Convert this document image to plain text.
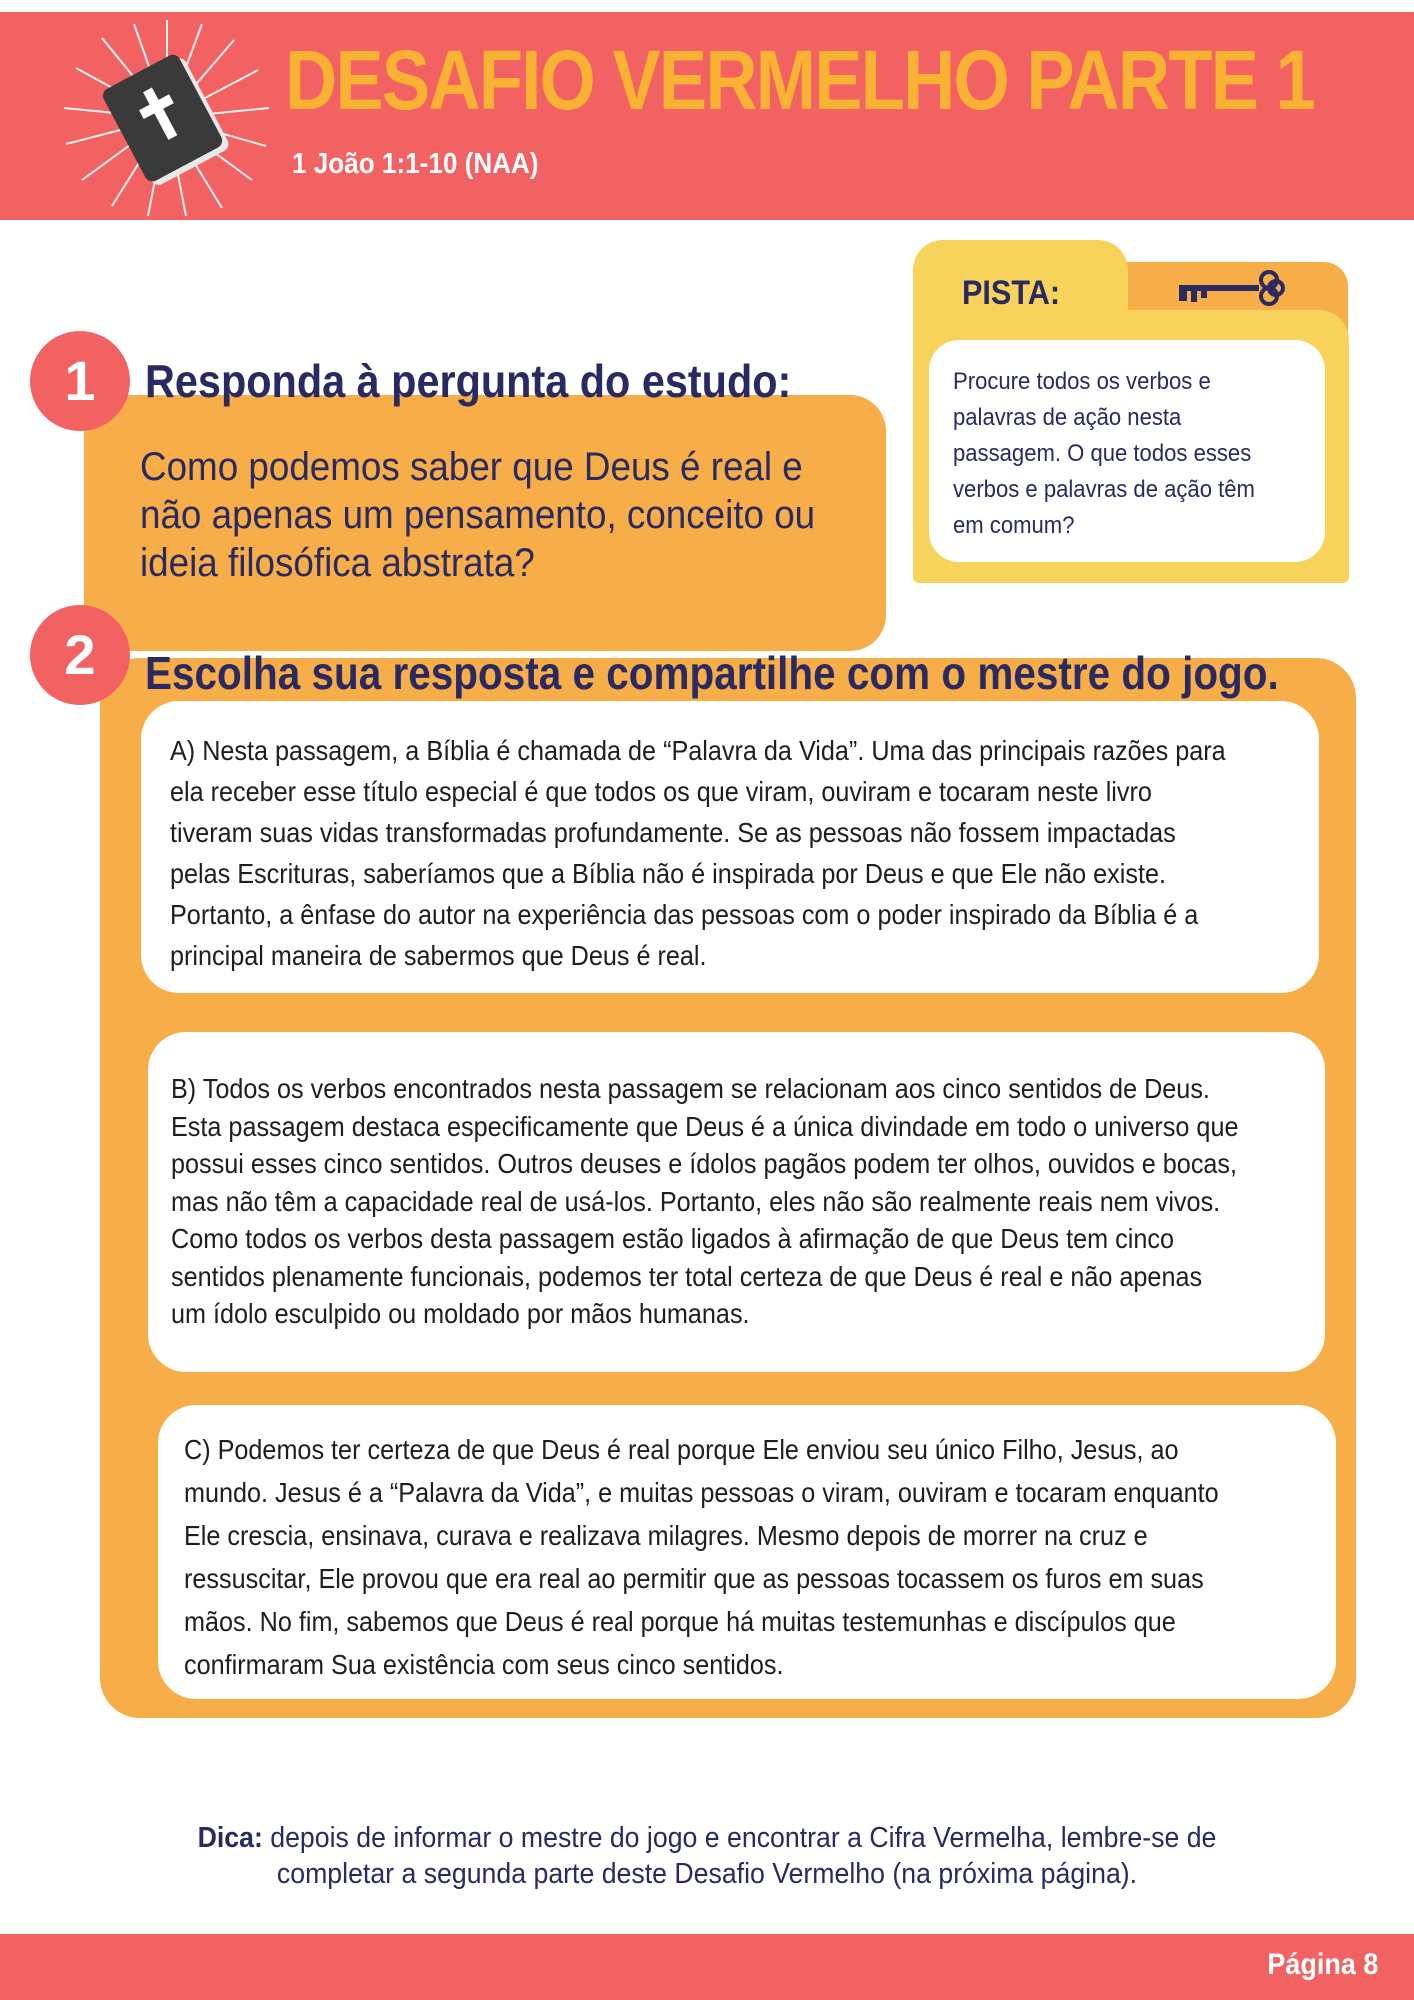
DESAFIO VERMELHO PARTE 1
1 João 1:1-10 (NAA)
PISTA:
Procure todos os verbos e palavras de ação nesta passagem. O que todos esses verbos e palavras de ação têm em comum?
1	Responda à pergunta do estudo:
Como podemos saber que Deus é real e não apenas um pensamento, conceito ou ideia filosófica abstrata?
2	Escolha sua resposta e compartilhe com o mestre do jogo.
A) Nesta passagem, a Bíblia é chamada de “Palavra da Vida”. Uma das principais razões para ela receber esse título especial é que todos os que viram, ouviram e tocaram neste livro tiveram suas vidas transformadas profundamente. Se as pessoas não fossem impactadas pelas Escrituras, saberíamos que a Bíblia não é inspirada por Deus e que Ele não existe. Portanto, a ênfase do autor na experiência das pessoas com o poder inspirado da Bíblia é a principal maneira de sabermos que Deus é real.
B) Todos os verbos encontrados nesta passagem se relacionam aos cinco sentidos de Deus. Esta passagem destaca especificamente que Deus é a única divindade em todo o universo que possui esses cinco sentidos. Outros deuses e ídolos pagãos podem ter olhos, ouvidos e bocas, mas não têm a capacidade real de usá-los. Portanto, eles não são realmente reais nem vivos. Como todos os verbos desta passagem estão ligados à afirmação de que Deus tem cinco sentidos plenamente funcionais, podemos ter total certeza de que Deus é real e não apenas um ídolo esculpido ou moldado por mãos humanas.
C) Podemos ter certeza de que Deus é real porque Ele enviou seu único Filho, Jesus, ao mundo. Jesus é a “Palavra da Vida”, e muitas pessoas o viram, ouviram e tocaram enquanto Ele crescia, ensinava, curava e realizava milagres. Mesmo depois de morrer na cruz e ressuscitar, Ele provou que era real ao permitir que as pessoas tocassem os furos em suas mãos. No fim, sabemos que Deus é real porque há muitas testemunhas e discípulos que confirmaram Sua existência com seus cinco sentidos.
Dica: depois de informar o mestre do jogo e encontrar a Cifra Vermelha, lembre-se de completar a segunda parte deste Desafio Vermelho (na próxima página).
Página 8
